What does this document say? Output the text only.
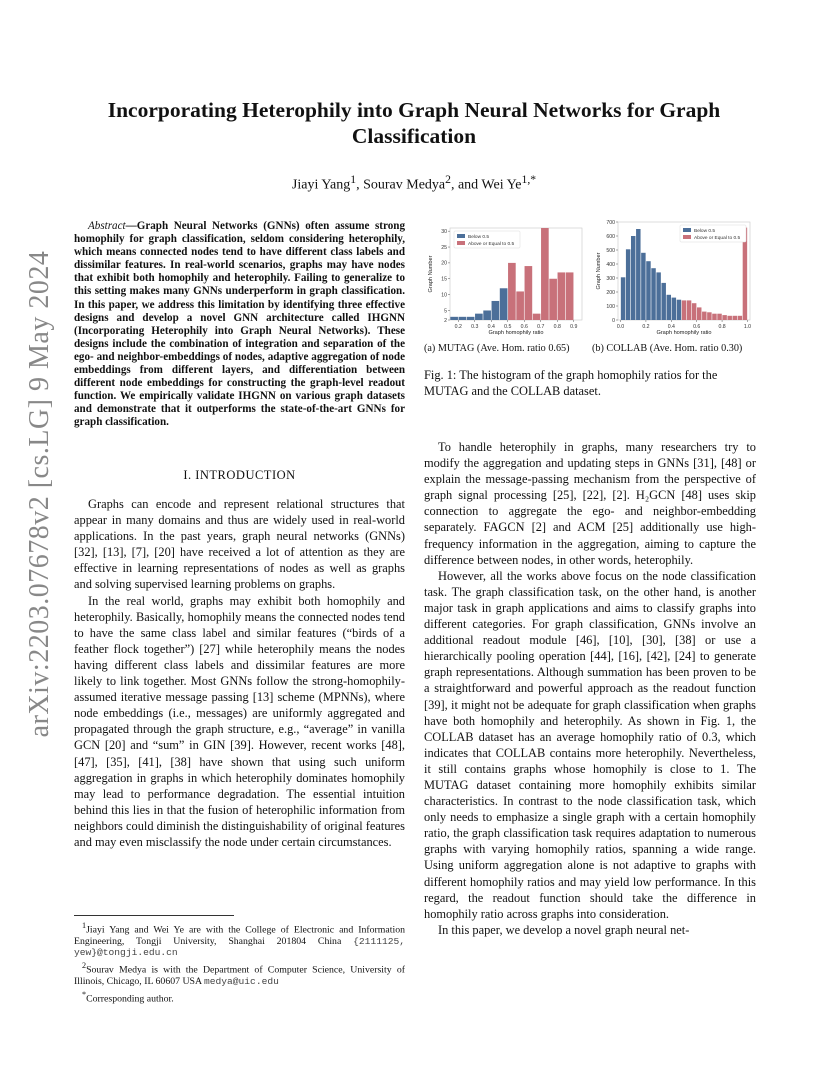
arXiv:2203.07678v2 [cs.LG] 9 May 2024
Incorporating Heterophily into Graph Neural Networks for Graph Classification
Jiayi Yang$^1$, Sourav Medya$^2$, and Wei $Ye^{1,*}$
Abstract—Graph Neural Networks (GNNs) often assume strong homophily for graph classification, seldom considering heterophily, which means connected nodes tend to have different class labels and dissimilar features. In real-world scenarios, graphs may have nodes that exhibit both homophily and heterophily. Failing to generalize to this setting makes many GNNs underperform in graph classification. In this paper, we address this limitation by identifying three effective designs and develop a novel GNN architecture called IHGNN (Incorporating Heterophily into Graph Neural Networks). These designs include the combination of integration and separation of the ego- and neighbor-embeddings of nodes, adaptive aggregation of node embeddings from different layers, and differentiation between different node embeddings for constructing the graph-level readout function. We empirically validate IHGNN on various graph datasets and demonstrate that it outperforms the state-of-the-art GNNs for graph classification.
I. INTRODUCTION

Graphs can encode and represent relational structures that appear in many domains and thus are widely used in real-world applications. In the past years, graph neural networks (GNNs) [32], [13], [7], [20] have received a lot of attention as they are effective in learning representations of nodes as well as graphs and solving supervised learning problems on graphs.

In the real world, graphs may exhibit both homophily and heterophily. Basically, homophily means the connected nodes tend to have the same class label and similar features (“birds of a feather flock together”) [27] while heterophily means the nodes having different class labels and dissimilar features are more likely to link together. Most GNNs follow the strong-homophily-assumed iterative message passing [13] scheme (MPNNs), where node embeddings (i.e., messages) are uniformly aggregated and propagated through the graph structure, e.g., “average” in vanilla GCN [20] and “sum” in GIN [39]. However, recent works [48], [47], [35], [41], [38] have shown that using such uniform aggregation in graphs in which heterophily dominates homophily may lead to performance degradation. The essential intuition behind this lies in that the fusion of heterophilic information from neighbors could diminish the distinguishability of original features and may even misclassify the node under certain circumstances.

$^1$Jiayi Yang and Wei Ye are with the College of Electronic and Information Engineering, Tongji University, Shanghai 201804 China {2111125, yew}@tongji.edu.cn

$^2$Sourav Medya is with the Department of Computer Science, University of Illinois, Chicago, IL 60607 USA medya@uic.edu

*Corresponding author.

0.2 0.3 0.4 0.5 0.6 0.7 0.8 0.9
2
5
10
15
20
25
30
Graph homophily ratio
Graph Number
Below 0.5
Above or Equal to 0.5
0.0	0.2	0.4	0.6	0.8	1.0
0
100
200
300
400
500
600
700
Graph homophily ratio
Graph Number
Below 0.5
Above or Equal to 0.5
(a) MUTAG (Ave. Hom. ratio 0.65) (b) COLLAB (Ave. Hom. ratio 0.30)
Fig. 1: The histogram of the graph homophily ratios for the MUTAG and the COLLAB dataset.

To handle heterophily in graphs, many researchers try to modify the aggregation and updating steps in GNNs [31], [48] or explain the message-passing mechanism from the perspective of graph signal processing [25], [22], [2]. H₂GCN [48] uses skip connection to aggregate the ego- and neighbor-embedding separately. FAGCN [2] and ACM [25] additionally use high-frequency information in the aggregation, aiming to capture the difference between nodes, in other words, heterophily.

However, all the works above focus on the node classification task. The graph classification task, on the other hand, is another major task in graph applications and aims to classify graphs into different categories. For graph classification, GNNs involve an additional readout module [46], [10], [30], [38] or use a hierarchically pooling operation [44], [16], [42], [24] to generate graph representations. Although summation has been proven to be a straightforward and powerful approach as the readout function [39], it might not be adequate for graph classification when graphs have both homophily and heterophily. As shown in Fig. 1, the COLLAB dataset has an average homophily ratio of 0.3, which indicates that COLLAB contains more heterophily. Nevertheless, it still contains graphs whose homophily is close to 1. The MUTAG dataset containing more homophily exhibits similar characteristics. In contrast to the node classification task, which only needs to emphasize a single graph with a certain homophily ratio, the graph classification task requires adaptation to numerous graphs with varying homophily ratios, spanning a wide range. Using uniform aggregation alone is not adaptive to graphs with different homophily ratios and may yield low performance. In this regard, the readout function should take the difference in homophily ratio across graphs into consideration.

In this paper, we develop a novel graph neural net-
